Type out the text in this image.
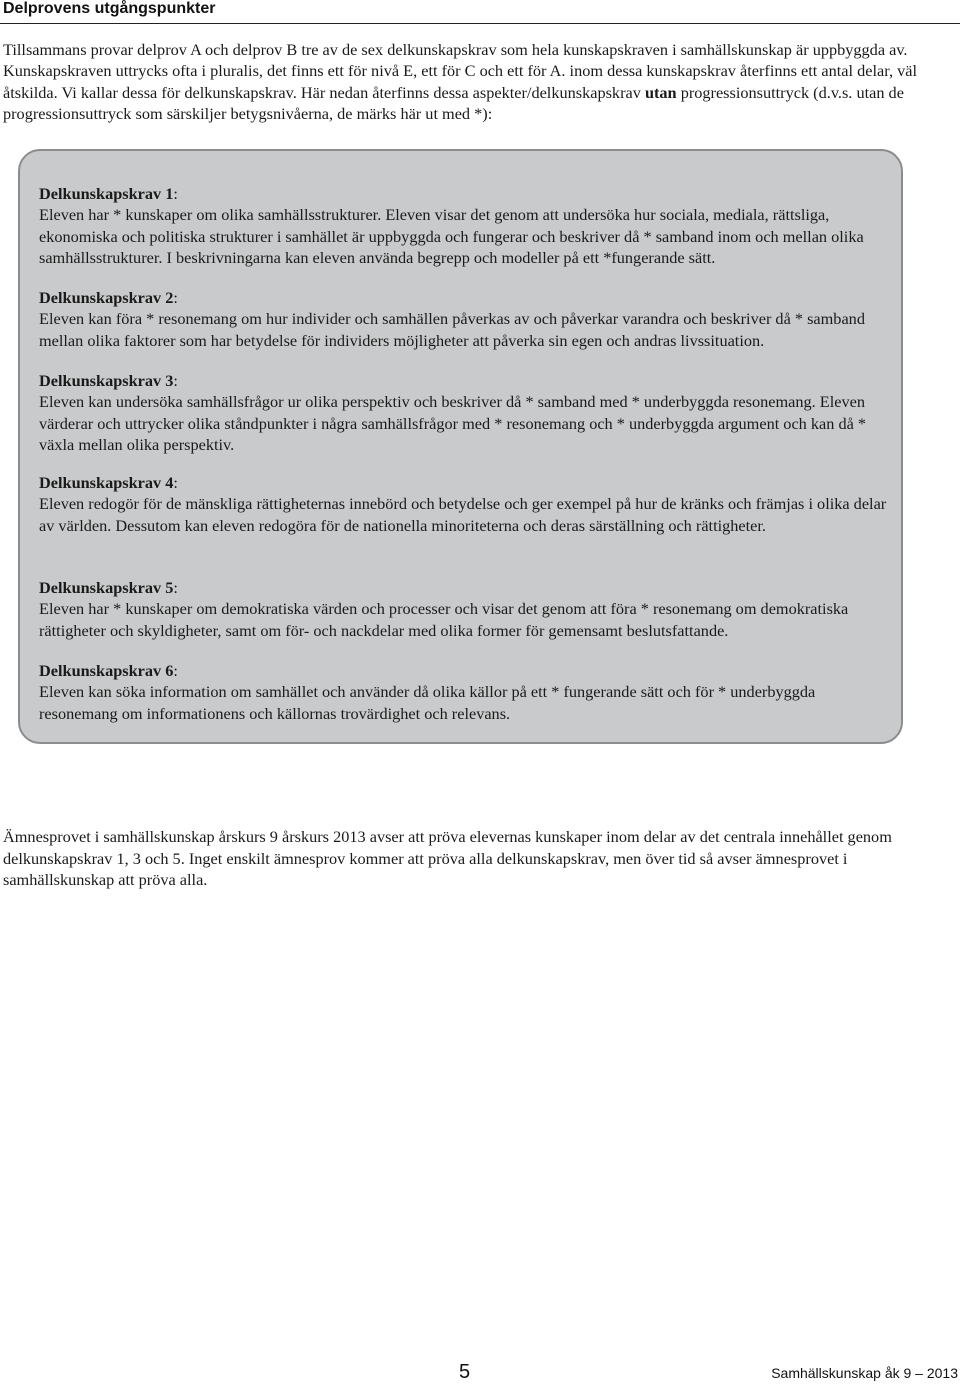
Delprovens utgångspunkter

Tillsammans provar delprov A och delprov B tre av de sex delkunskapskrav som hela kunskapskraven i samhällskunskap är uppbyggda av. Kunskapskraven uttrycks ofta i pluralis, det finns ett för nivå E, ett för C och ett för A. inom dessa kunskapskrav återfinns ett antal delar, väl åtskilda. Vi kallar dessa för delkunskapskrav. Här nedan återfinns dessa aspekter/delkunskapskrav utan progressionsuttryck (d.v.s. utan de progressionsuttryck som särskiljer betygsnivåerna, de märks här ut med *):

Delkunskapskrav 1:
Eleven har * kunskaper om olika samhällsstrukturer. Eleven visar det genom att undersöka hur sociala, mediala, rättsliga, ekonomiska och politiska strukturer i samhället är uppbyggda och fungerar och beskriver då * samband inom och mellan olika samhällsstrukturer. I beskrivningarna kan eleven använda begrepp och modeller på ett *fungerande sätt.
Delkunskapskrav 2:
Eleven kan föra * resonemang om hur individer och samhällen påverkas av och påverkar varandra och beskriver då * samband mellan olika faktorer som har betydelse för individers möjligheter att påverka sin egen och andras livssituation.
Delkunskapskrav 3:
Eleven kan undersöka samhällsfrågor ur olika perspektiv och beskriver då * samband med * underbyggda resonemang. Eleven värderar och uttrycker olika ståndpunkter i några samhällsfrågor med * resonemang och * underbyggda argument och kan då * växla mellan olika perspektiv.
Delkunskapskrav 4:
Eleven redogör för de mänskliga rättigheternas innebörd och betydelse och ger exempel på hur de kränks och främjas i olika delar av världen. Dessutom kan eleven redogöra för de nationella minoriteterna och deras särställning och rättigheter.
Delkunskapskrav 5:
Eleven har * kunskaper om demokratiska värden och processer och visar det genom att föra * resonemang om demokratiska rättigheter och skyldigheter, samt om för- och nackdelar med olika former för gemensamt beslutsfattande.
Delkunskapskrav 6:
Eleven kan söka information om samhället och använder då olika källor på ett * fungerande sätt och för * underbyggda resonemang om informationens och källornas trovärdighet och relevans.

Ämnesprovet i samhällskunskap årskurs 9 årskurs 2013 avser att pröva elevernas kunskaper inom delar av det centrala innehållet genom delkunskapskrav 1, 3 och 5. Inget enskilt ämnesprov kommer att pröva alla delkunskapskrav, men över tid så avser ämnesprovet i samhällskunskap att pröva alla.

5	Samhällskunskap åk 9 – 2013
